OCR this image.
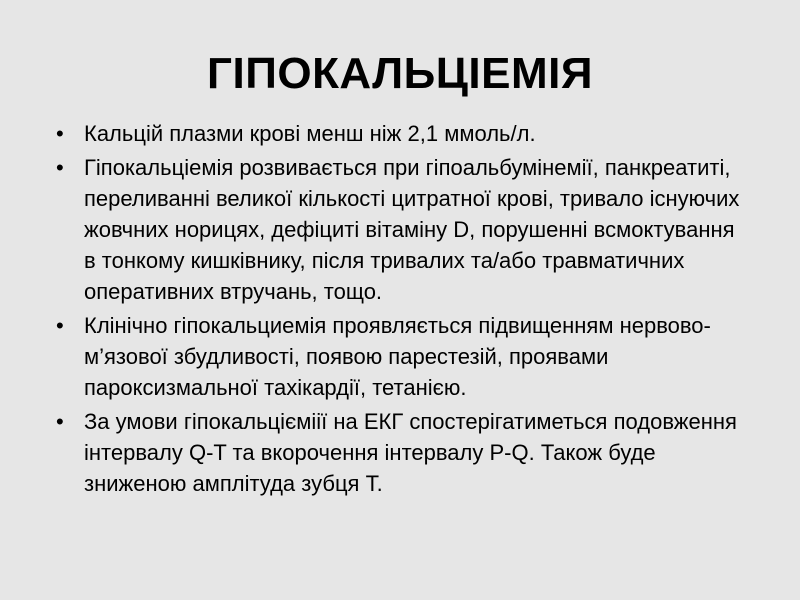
ГІПОКАЛЬЦІЕМІЯ
• Кальцій плазми крові менш ніж 2,1 ммоль/л.
• Гіпокальціемія розвивається при гіпоальбумінемії, панкреатиті, переливанні великої кількості цитратної крові, тривало існуючих жовчних норицях, дефіциті вітаміну D, порушенні всмоктування в тонкому кишківнику, після тривалих та/або травматичних оперативних втручань, тощо.
• Клінічно гіпокальциемія проявляється підвищенням нервово-м’язової збудливості, появою парестезій, проявами пароксизмальної тахікардії, тетанією.
• За умови гіпокальцієміії на ЕКГ спостерігатиметься подовження інтервалу Q-T та вкорочення інтервалу P-Q. Також буде зниженою амплітуда зубця T.
